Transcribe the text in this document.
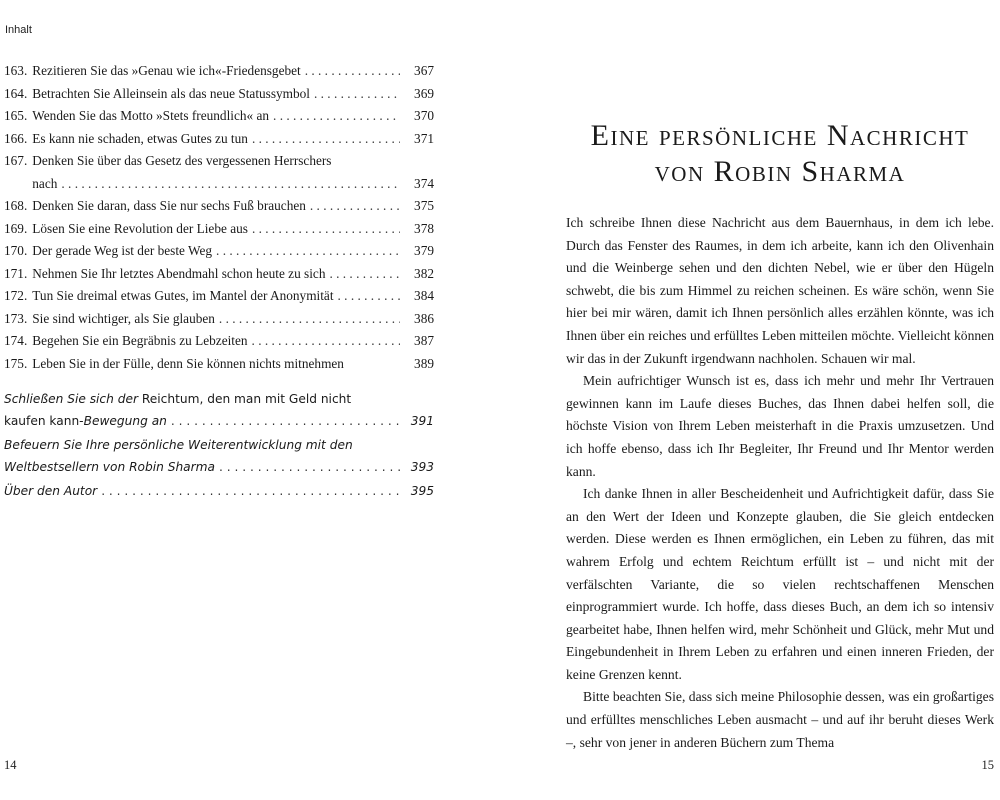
Inhalt
163. Rezitieren Sie das »Genau wie ich«-Friedensgebet . . .	367
164. Betrachten Sie Alleinsein als das neue Statussymbol . . .	369
165. Wenden Sie das Motto »Stets freundlich« an . . .	370
166. Es kann nie schaden, etwas Gutes zu tun . . .	371
167. Denken Sie über das Gesetz des vergessenen Herrschers
nach . . .	374
168. Denken Sie daran, dass Sie nur sechs Fuß brauchen . . .	375
169. Lösen Sie eine Revolution der Liebe aus . . .	378
170. Der gerade Weg ist der beste Weg . . .	379
171. Nehmen Sie Ihr letztes Abendmahl schon heute zu sich . . .	382
172. Tun Sie dreimal etwas Gutes, im Mantel der Anonymität . . .	384
173. Sie sind wichtiger, als Sie glauben . . .	386
174. Begehen Sie ein Begräbnis zu Lebzeiten . . .	387
175. Leben Sie in der Fülle, denn Sie können nichts mitnehmen	389
Schließen Sie sich der Reichtum, den man mit Geld nicht
kaufen kann- Bewegung an . . .	391
Befeuern Sie Ihre persönliche Weiterentwicklung mit den
Weltbestsellern von Robin Sharma . . .	393
Über den Autor . . .	395
14
Eine persönliche Nachricht
von Robin Sharma

Ich schreibe Ihnen diese Nachricht aus dem Bauernhaus, in dem ich lebe. Durch das Fenster des Raumes, in dem ich arbeite, kann ich den Olivenhain und die Weinberge sehen und den dichten Nebel, wie er über den Hügeln schwebt, die bis zum Himmel zu reichen scheinen. Es wäre schön, wenn Sie hier bei mir wären, damit ich Ihnen persönlich alles erzählen könnte, was ich Ihnen über ein reiches und erfülltes Leben mitteilen möchte. Vielleicht können wir das in der Zukunft irgendwann nachholen. Schauen wir mal.

Mein aufrichtiger Wunsch ist es, dass ich mehr und mehr Ihr Vertrauen gewinnen kann im Laufe dieses Buches, das Ihnen dabei helfen soll, die höchste Vision von Ihrem Leben meisterhaft in die Praxis umzusetzen. Und ich hoffe ebenso, dass ich Ihr Begleiter, Ihr Freund und Ihr Mentor werden kann.

Ich danke Ihnen in aller Bescheidenheit und Aufrichtigkeit dafür, dass Sie an den Wert der Ideen und Konzepte glauben, die Sie gleich entdecken werden. Diese werden es Ihnen ermöglichen, ein Leben zu führen, das mit wahrem Erfolg und echtem Reichtum erfüllt ist – und nicht mit der verfälschten Variante, die so vielen rechtschaffenen Menschen einprogrammiert wurde. Ich hoffe, dass dieses Buch, an dem ich so intensiv gearbeitet habe, Ihnen helfen wird, mehr Schönheit und Glück, mehr Mut und Eingebundenheit in Ihrem Leben zu erfahren und einen inneren Frieden, der keine Grenzen kennt.

Bitte beachten Sie, dass sich meine Philosophie dessen, was ein großartiges und erfülltes menschliches Leben ausmacht – und auf ihr beruht dieses Werk –, sehr von jener in anderen Büchern zum Thema

15
